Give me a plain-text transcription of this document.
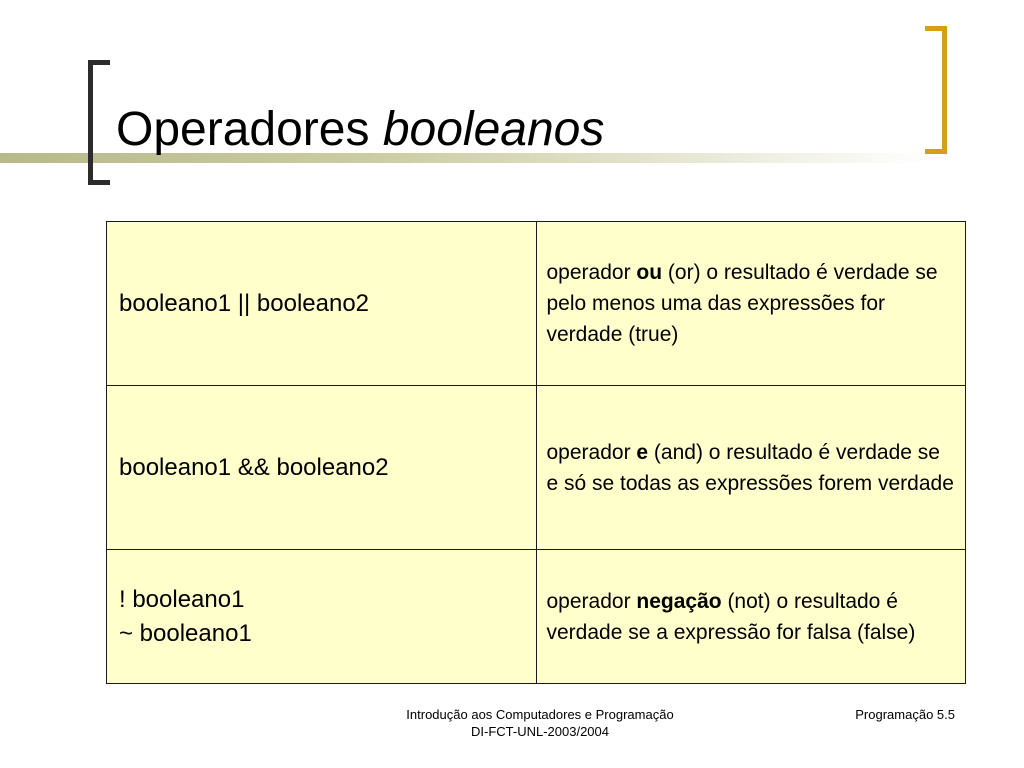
Operadores booleanos
booleano1 || booleano2	operador ou (or) o resultado é verdade se pelo menos uma das expressões for verdade (true)

booleano1 && booleano2	operador e (and) o resultado é verdade se e só se todas as expressões forem verdade

! booleano1
~ booleano1	operador negação (not) o resultado é verdade se a expressão for falsa (false)
Introdução aos Computadores e Programação
DI-FCT-UNL-2003/2004
Programação 5.5
